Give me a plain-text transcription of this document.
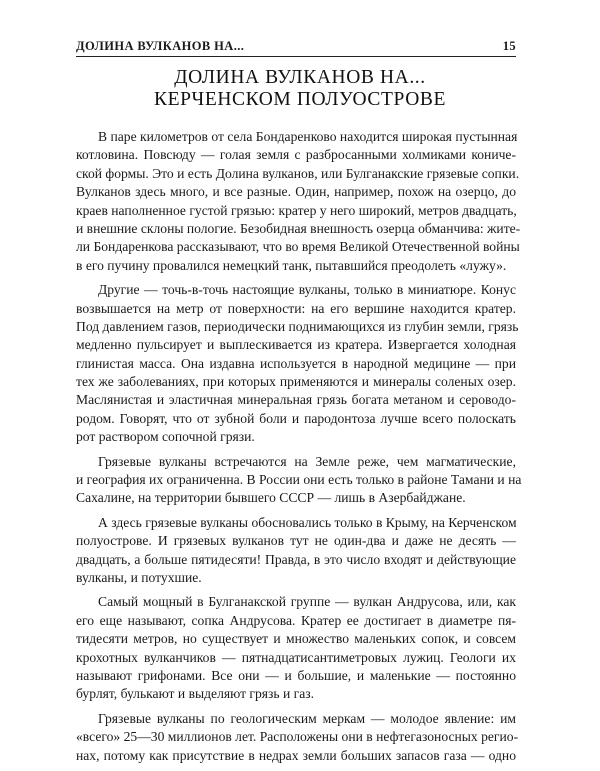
ДОЛИНА ВУЛКАНОВ НА...	15
ДОЛИНА ВУЛКАНОВ НА...
КЕРЧЕНСКОМ ПОЛУОСТРОВЕ
В паре километров от села Бондаренково находится широкая пустынная
котловина. Повсюду — голая земля с разбросанными холмиками кониче-
ской формы. Это и есть Долина вулканов, или Булганакские грязевые сопки.
Вулканов здесь много, и все разные. Один, например, похож на озерцо, до
краев наполненное густой грязью: кратер у него широкий, метров двадцать,
и внешние склоны пологие. Безобидная внешность озерца обманчива: жите-
ли Бондаренкова рассказывают, что во время Великой Отечественной войны
в его пучину провалился немецкий танк, пытавшийся преодолеть «лужу».
Другие — точь-в-точь настоящие вулканы, только в миниатюре. Конус
возвышается на метр от поверхности: на его вершине находится кратер.
Под давлением газов, периодически поднимающихся из глубин земли, грязь
медленно пульсирует и выплескивается из кратера. Извергается холодная
глинистая масса. Она издавна используется в народной медицине — при
тех же заболеваниях, при которых применяются и минералы соленых озер.
Маслянистая и эластичная минеральная грязь богата метаном и сероводо-
родом. Говорят, что от зубной боли и пародонтоза лучше всего полоскать
рот раствором сопочной грязи.
Грязевые вулканы встречаются на Земле реже, чем магматические,
и география их ограниченна. В России они есть только в районе Тамани и на
Сахалине, на территории бывшего СССР — лишь в Азербайджане.
А здесь грязевые вулканы обосновались только в Крыму, на Керченском
полуострове. И грязевых вулканов тут не один-два и даже не десять —
двадцать, а больше пятидесяти! Правда, в это число входят и действующие
вулканы, и потухшие.
Самый мощный в Булганакской группе — вулкан Андрусова, или, как
его еще называют, сопка Андрусова. Кратер ее достигает в диаметре пя-
тидесяти метров, но существует и множество маленьких сопок, и совсем
крохотных вулканчиков — пятнадцатисантиметровых лужиц. Геологи их
называют грифонами. Все они — и большие, и маленькие — постоянно
бурлят, булькают и выделяют грязь и газ.
Грязевые вулканы по геологическим меркам — молодое явление: им
«всего» 25—30 миллионов лет. Расположены они в нефтегазоносных регио-
нах, потому как присутствие в недрах земли больших запасов газа — одно
